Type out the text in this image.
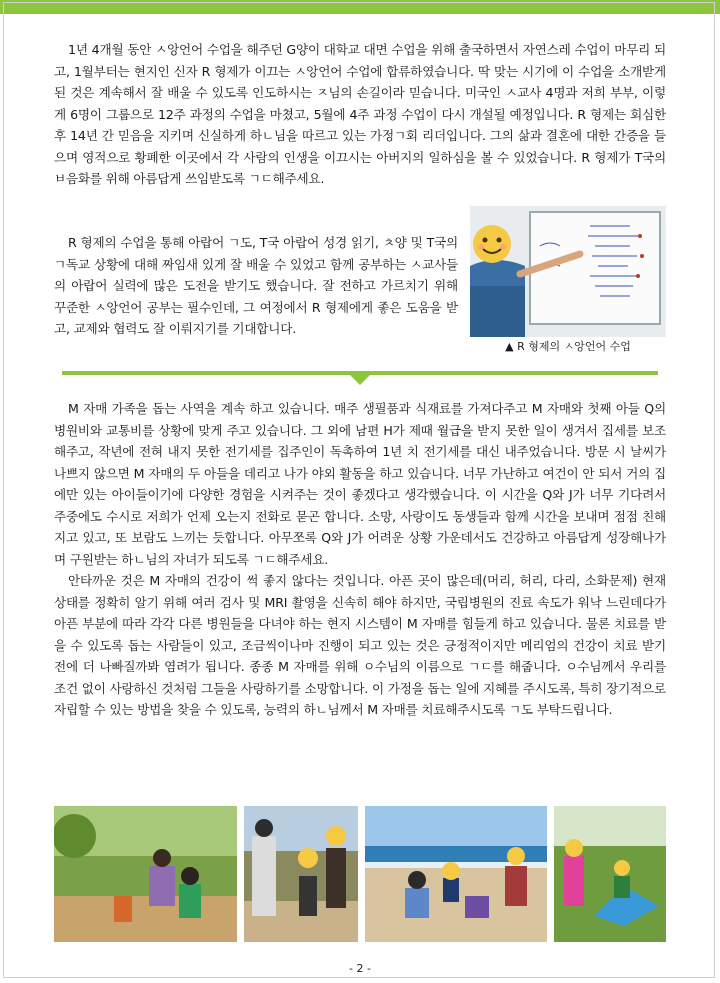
1년 4개월 동안 ㅅ앙언어 수업을 해주던 G양이 대학교 대면 수업을 위해 출국하면서 자연스레 수업이 마무리 되고, 1월부터는 현지인 신자 R 형제가 이끄는 ㅅ앙언어 수업에 합류하였습니다. 딱 맞는 시기에 이 수업을 소개받게 된 것은 계속해서 잘 배울 수 있도록 인도하시는 ㅈ님의 손길이라 믿습니다. 미국인 ㅅ교사 4명과 저희 부부, 이렇게 6명이 그룹으로 12주 과정의 수업을 마쳤고, 5월에 4주 과정 수업이 다시 개설될 예정입니다. R 형제는 회심한 후 14년 간 믿음을 지키며 신실하게 하ㄴ님을 따르고 있는 가정ㄱ회 리더입니다. 그의 삶과 결혼에 대한 간증을 들으며 영적으로 황폐한 이곳에서 각 사람의 인생을 이끄시는 아버지의 일하심을 볼 수 있었습니다. R 형제가 T국의 ㅂ음화를 위해 아름답게 쓰임받도록 ㄱㄷ해주세요.

R 형제의 수업을 통해 아랍어 ㄱ도, T국 아랍어 성경 읽기, ㅊ양 및 T국의 ㄱ독교 상황에 대해 짜임새 있게 잘 배울 수 있었고 함께 공부하는 ㅅ교사들의 아랍어 실력에 많은 도전을 받기도 했습니다. 잘 전하고 가르치기 위해 꾸준한 ㅅ앙언어 공부는 필수인데, 그 여정에서 R 형제에게 좋은 도움을 받고, 교제와 협력도 잘 이뤄지기를 기대합니다.

▲ R 형제의 ㅅ앙언어 수업

M 자매 가족을 돕는 사역을 계속 하고 있습니다. 매주 생필품과 식재료를 가져다주고 M 자매와 첫째 아들 Q의 병원비와 교통비를 상황에 맞게 주고 있습니다. 그 외에 남편 H가 제때 월급을 받지 못한 일이 생겨서 집세를 보조해주고, 작년에 전혀 내지 못한 전기세를 집주인이 독촉하여 1년 치 전기세를 대신 내주었습니다. 방문 시 날씨가 나쁘지 않으면 M 자매의 두 아들을 데리고 나가 야외 활동을 하고 있습니다. 너무 가난하고 여건이 안 되서 거의 집에만 있는 아이들이기에 다양한 경험을 시켜주는 것이 좋겠다고 생각했습니다. 이 시간을 Q와 J가 너무 기다려서 주중에도 수시로 저희가 언제 오는지 전화로 묻곤 합니다. 소망, 사랑이도 동생들과 함께 시간을 보내며 점점 친해지고 있고, 또 보람도 느끼는 듯합니다. 아무쪼록 Q와 J가 어려운 상황 가운데서도 건강하고 아름답게 성장해나가며 구원받는 하ㄴ님의 자녀가 되도록 ㄱㄷ해주세요.

안타까운 것은 M 자매의 건강이 썩 좋지 않다는 것입니다. 아픈 곳이 많은데(머리, 허리, 다리, 소화문제) 현재 상태를 정확히 알기 위해 여러 검사 및 MRI 촬영을 신속히 해야 하지만, 국립병원의 진료 속도가 워낙 느린데다가 아픈 부분에 따라 각각 다른 병원들을 다녀야 하는 현지 시스템이 M 자매를 힘들게 하고 있습니다. 물론 치료를 받을 수 있도록 돕는 사람들이 있고, 조금씩이나마 진행이 되고 있는 것은 긍정적이지만 메리엄의 건강이 치료 받기 전에 더 나빠질까봐 염려가 됩니다. 종종 M 자매를 위해 ㅇ수님의 이름으로 ㄱㄷ를 해줍니다. ㅇ수님께서 우리를 조건 없이 사랑하신 것처럼 그들을 사랑하기를 소망합니다. 이 가정을 돕는 일에 지혜를 주시도록, 특히 장기적으로 자립할 수 있는 방법을 찾을 수 있도록, 능력의 하ㄴ님께서 M 자매를 치료해주시도록 ㄱ도 부탁드립니다.

- 2 -
